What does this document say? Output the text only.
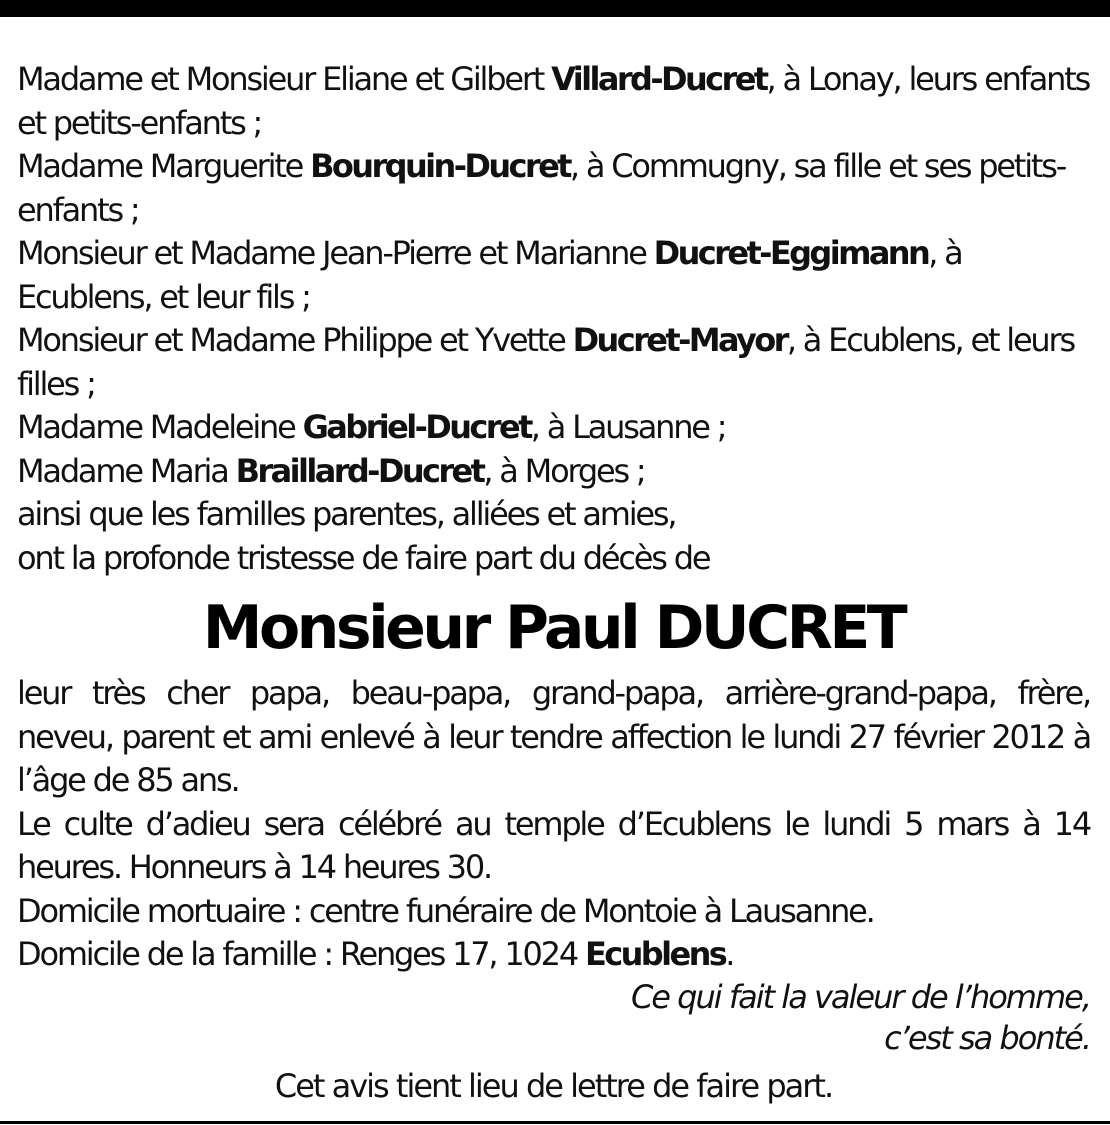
Madame et Monsieur Eliane et Gilbert Villard-Ducret, à Lonay, leurs enfants et petits-enfants ;

Madame Marguerite Bourquin-Ducret, à Commugny, sa fille et ses petits-enfants ;

Monsieur et Madame Jean-Pierre et Marianne Ducret-Eggimann, à Ecublens, et leur fils ;

Monsieur et Madame Philippe et Yvette Ducret-Mayor, à Ecublens, et leurs filles ;

Madame Madeleine Gabriel-Ducret, à Lausanne ;

Madame Maria Braillard-Ducret, à Morges ;

ainsi que les familles parentes, alliées et amies,

ont la profonde tristesse de faire part du décès de

Monsieur Paul DUCRET

leur très cher papa, beau-papa, grand-papa, arrière-grand-papa, frère, neveu, parent et ami enlevé à leur tendre affection le lundi 27 février 2012 à l’âge de 85 ans.

Le culte d’adieu sera célébré au temple d’Ecublens le lundi 5 mars à 14 heures. Honneurs à 14 heures 30.

Domicile mortuaire : centre funéraire de Montoie à Lausanne.

Domicile de la famille : Renges 17, 1024 Ecublens.

Ce qui fait la valeur de l’homme,
c’est sa bonté.
Cet avis tient lieu de lettre de faire part.
